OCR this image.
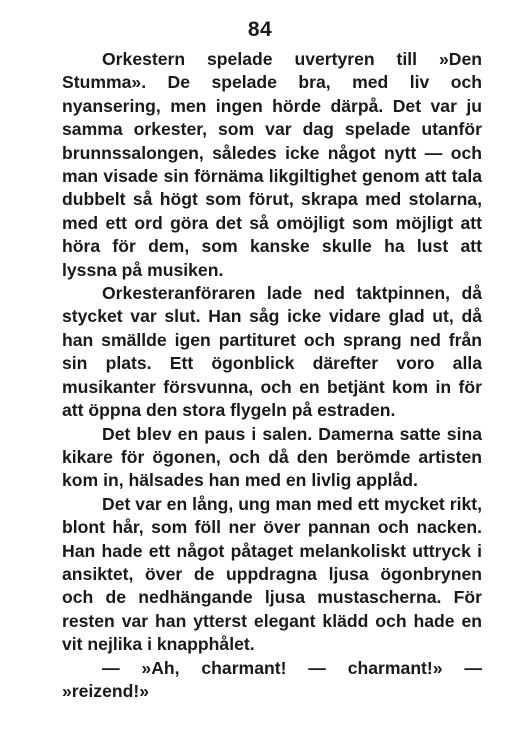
84

Orkestern spelade uvertyren till »Den Stumma». De spelade bra, med liv och nyansering, men ingen hörde därpå. Det var ju samma orkester, som var dag spelade utanför brunnssalongen, således icke något nytt — och man visade sin förnäma likgiltighet genom att tala dubbelt så högt som förut, skrapa med stolarna, med ett ord göra det så omöjligt som möjligt att höra för dem, som kanske skulle ha lust att lyssna på musiken.

Orkesteranföraren lade ned taktpinnen, då stycket var slut. Han såg icke vidare glad ut, då han smällde igen partituret och sprang ned från sin plats. Ett ögonblick därefter voro alla musikanter försvunna, och en betjänt kom in för att öppna den stora flygeln på estraden.

Det blev en paus i salen. Damerna satte sina kikare för ögonen, och då den berömde artisten kom in, hälsades han med en livlig applåd.

Det var en lång, ung man med ett mycket rikt, blont hår, som föll ner över pannan och nacken. Han hade ett något påtaget melankoliskt uttryck i ansiktet, över de uppdragna ljusa ögonbrynen och de nedhängande ljusa mustascherna. För resten var han ytterst elegant klädd och hade en vit nejlika i knapphålet.

— »Ah, charmant! — charmant!» — »reizend!»
